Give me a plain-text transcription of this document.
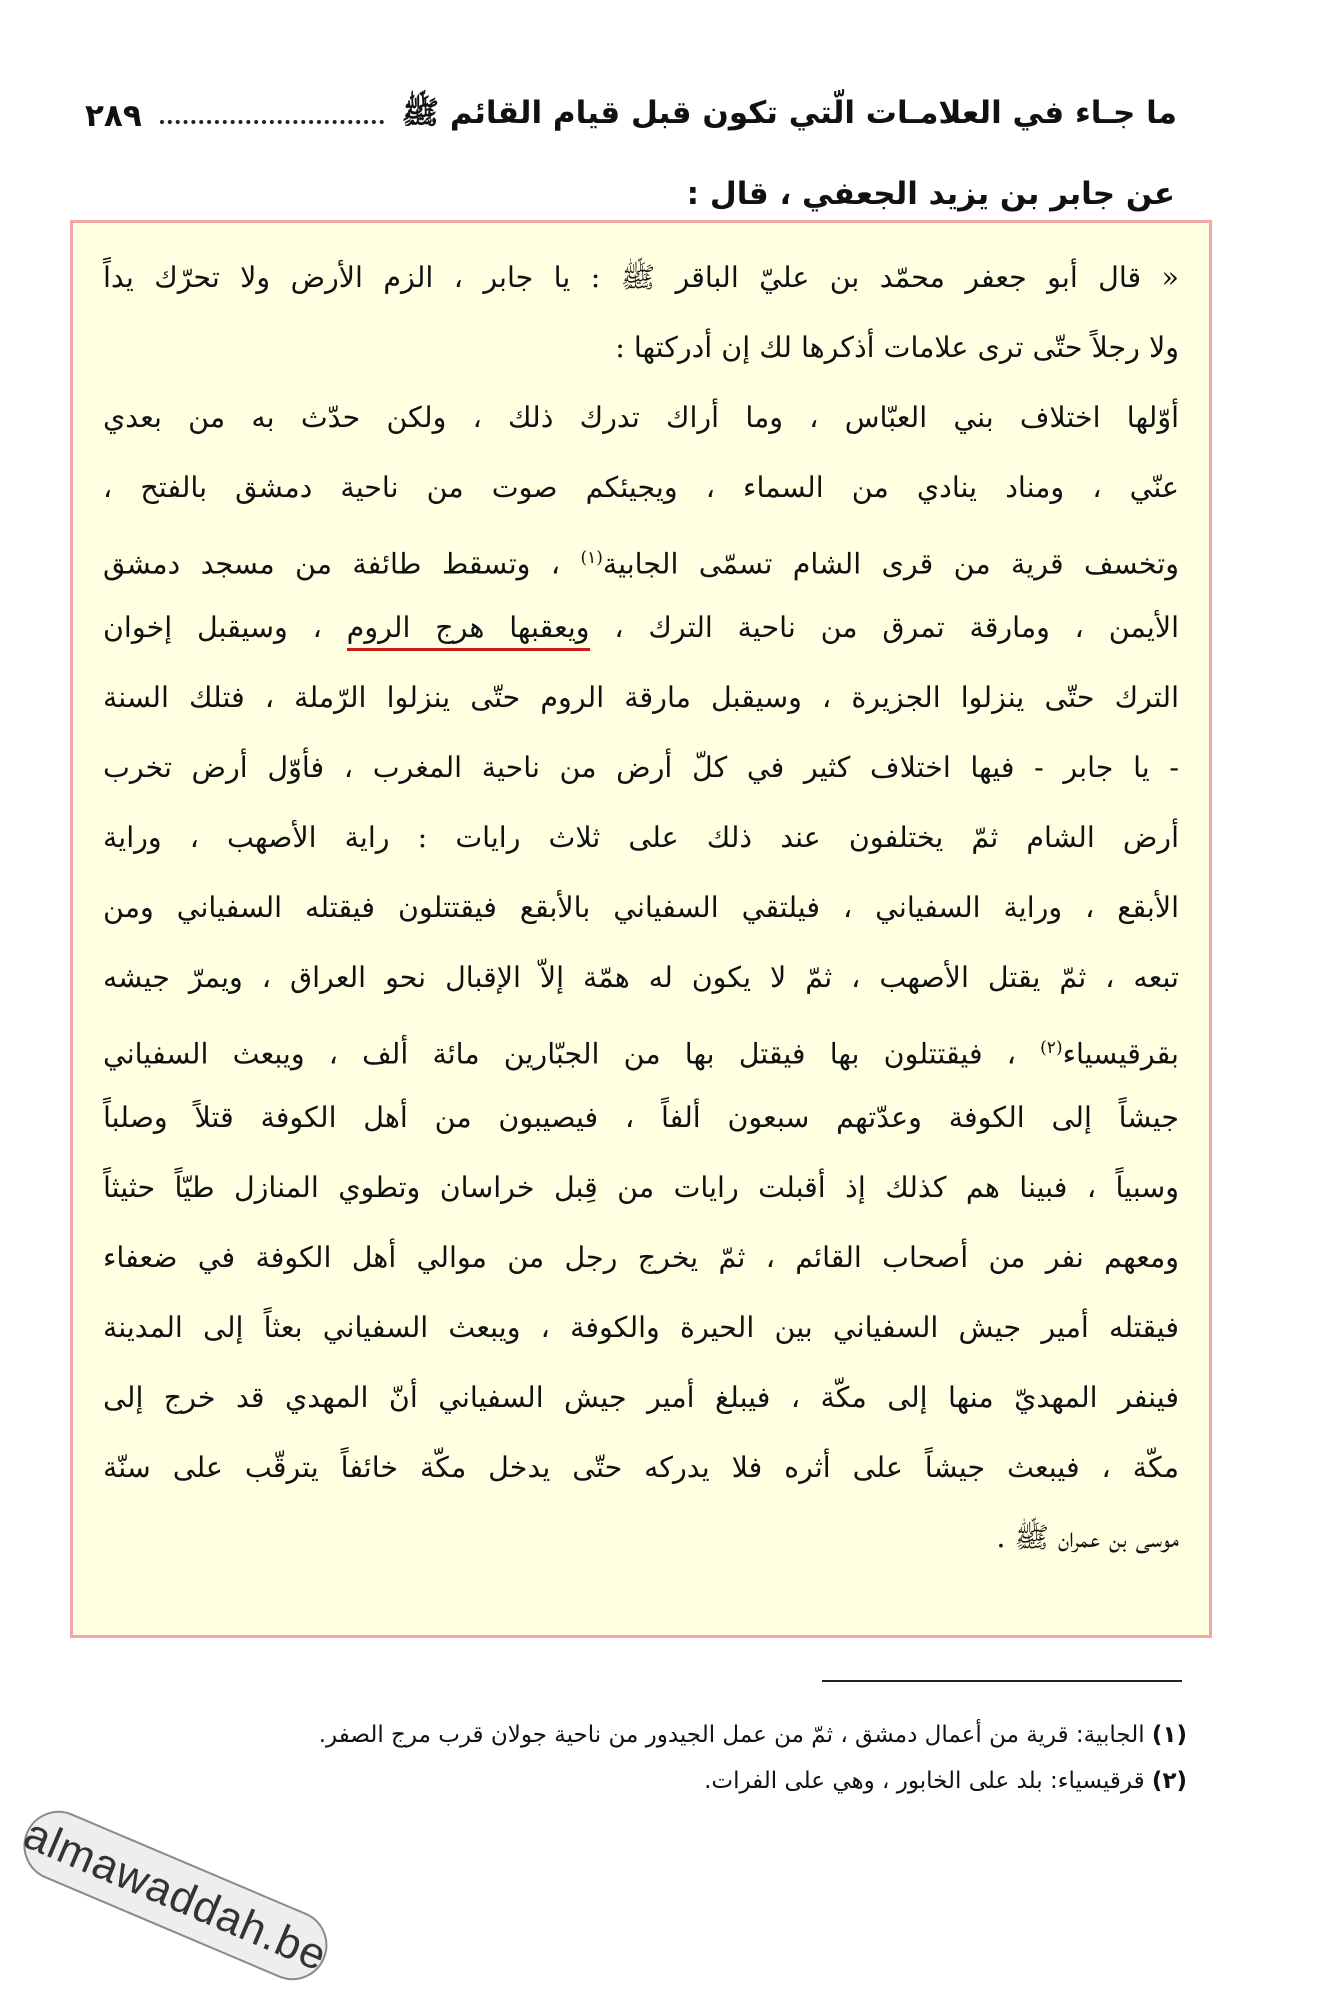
ما جـاء في العلامـات الّتي تكون قبل قيام القائم ﷺ
٢٨٩
عن جابر بن يزيد الجعفي ، قال :
« قال أبو جعفر محمّد بن عليّ الباقر ﷺ : يا جابر ، الزم الأرض ولا تحرّك يداً
ولا رجلاً حتّى ترى علامات أذكرها لك إن أدركتها :
أوّلها اختلاف بني العبّاس ، وما أراك تدرك ذلك ، ولكن حدّث به من بعدي
عنّي ، ومناد ينادي من السماء ، ويجيئكم صوت من ناحية دمشق بالفتح ،
وتخسف قرية من قرى الشام تسمّى الجابية$^{(١)}$ ، وتسقط طائفة من مسجد دمشق
الأيمن ، ومارقة تمرق من ناحية الترك ، ويعقبها هرج الروم ، وسيقبل إخوان
الترك حتّى ينزلوا الجزيرة ، وسيقبل مارقة الروم حتّى ينزلوا الرّملة ، فتلك السنة
- يا جابر - فيها اختلاف كثير في كلّ أرض من ناحية المغرب ، فأوّل أرض تخرب
أرض الشام ثمّ يختلفون عند ذلك على ثلاث رايات : راية الأصهب ، وراية
الأبقع ، وراية السفياني ، فيلتقي السفياني بالأبقع فيقتتلون فيقتله السفياني ومن
تبعه ، ثمّ يقتل الأصهب ، ثمّ لا يكون له همّة إلاّ الإقبال نحو العراق ، ويمرّ جيشه
بقرقيسياء$^{(٢)}$ ، فيقتتلون بها فيقتل بها من الجبّارين مائة ألف ، ويبعث السفياني
جيشاً إلى الكوفة وعدّتهم سبعون ألفاً ، فيصيبون من أهل الكوفة قتلاً وصلباً
وسبياً ، فبينا هم كذلك إذ أقبلت رايات من قِبل خراسان وتطوي المنازل طيّاً حثيثاً
ومعهم نفر من أصحاب القائم ، ثمّ يخرج رجل من موالي أهل الكوفة في ضعفاء
فيقتله أمير جيش السفياني بين الحيرة والكوفة ، ويبعث السفياني بعثاً إلى المدينة
فينفر المهديّ منها إلى مكّة ، فيبلغ أمير جيش السفياني أنّ المهدي قد خرج إلى
مكّة ، فيبعث جيشاً على أثره فلا يدركه حتّى يدخل مكّة خائفاً يترقّب على سنّة
موسى بن عمران ﷺ .
(١) الجابية: قرية من أعمال دمشق ، ثمّ من عمل الجيدور من ناحية جولان قرب مرج الصفر.
(٢) قرقيسياء: بلد على الخابور ، وهي على الفرات.
almawaddah.be
